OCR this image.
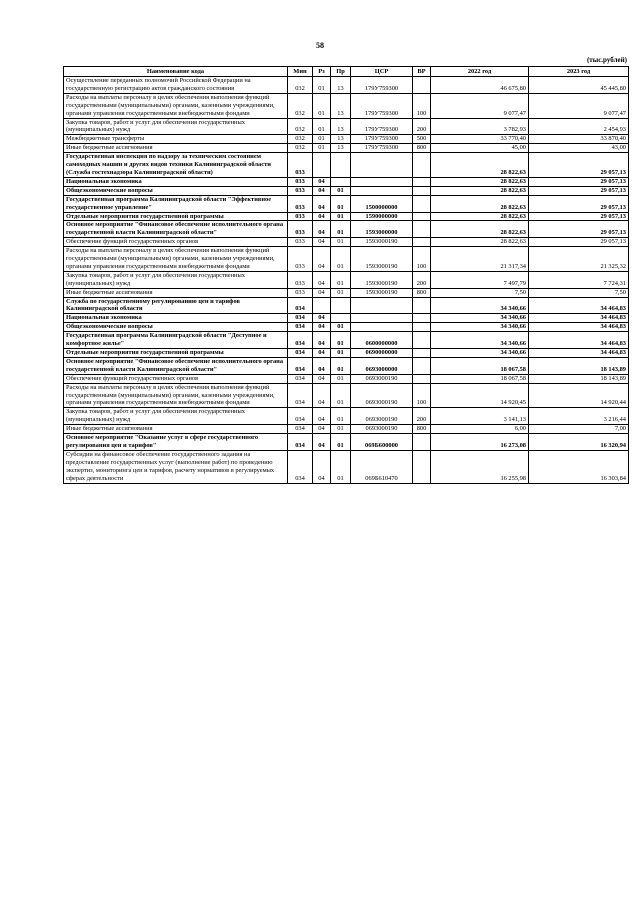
58
(тыс.рублей)
Наименование кода	Мин	Рз	Пр	ЦСР	ВР	2022 год	2023 год
Осуществление переданных полномочий Российской Федерации на государственную регистрацию актов гражданского состояния	032	01	13	179У759300		46 675,80	45 445,80
Расходы на выплаты персоналу в целях обеспечения выполнения функций государственными (муниципальными) органами, казенными учреждениями, органами управления государственными внебюджетными фондами	032	01	13	179У759300	100	9 077,47	9 077,47
Закупка товаров, работ и услуг для обеспечения государственных (муниципальных) нужд	032	01	13	179У759300	200	3 782,93	2 454,93
Межбюджетные трансферты	032	01	13	179У759300	500	33 770,40	33 870,40
Иные бюджетные ассигнования	032	01	13	179У759300	800	45,00	43,00
Государственная инспекция по надзору за техническим состоянием самоходных машин и других видов техники Калининградской области (Служба гостехнадзора Калининградской области)	033					28 822,63	29 057,13
Национальная экономика	033	04				28 822,63	29 057,13
Общеэкономические вопросы	033	04	01			28 822,63	29 057,13
Государственная программа Калининградской области "Эффективное государственное управление"	033	04	01	1500000000		28 822,63	29 057,13
Отдельные мероприятия государственной программы	033	04	01	1590000000		28 822,63	29 057,13
Основное мероприятие "Финансовое обеспечение исполнительного органа государственной власти Калининградской области"	033	04	01	1593000000		28 822,63	29 057,13
Обеспечение функций государственных органов	033	04	01	1593000190		28 822,63	29 057,13
Расходы на выплаты персоналу в целях обеспечения выполнения функций государственными (муниципальными) органами, казенными учреждениями, органами управления государственными внебюджетными фондами	033	04	01	1593000190	100	21 317,34	21 325,32
Закупка товаров, работ и услуг для обеспечения государственных (муниципальных) нужд	033	04	01	1593000190	200	7 497,79	7 724,31
Иные бюджетные ассигнования	033	04	01	1593000190	800	7,50	7,50
Служба по государственному регулированию цен и тарифов Калининградской области	034					34 340,66	34 464,83
Национальная экономика	034	04				34 340,66	34 464,83
Общеэкономические вопросы	034	04	01			34 340,66	34 464,83
Государственная программа Калининградской области "Доступное и комфортное жилье"	034	04	01	0600000000		34 340,66	34 464,83
Отдельные мероприятия государственной программы	034	04	01	0690000000		34 340,66	34 464,83
Основное мероприятие "Финансовое обеспечение исполнительного органа государственной власти Калининградской области"	034	04	01	0693000000		18 067,58	18 143,89
Обеспечение функций государственных органов	034	04	01	0693000190		18 067,58	18 143,89
Расходы на выплаты персоналу в целях обеспечения выполнения функций государственными (муниципальными) органами, казенными учреждениями, органами управления государственными внебюджетными фондами	034	04	01	0693000190	100	14 920,45	14 920,44
Закупка товаров, работ и услуг для обеспечения государственных (муниципальных) нужд	034	04	01	0693000190	200	3 141,13	3 216,44
Иные бюджетные ассигнования	034	04	01	0693000190	800	6,00	7,00
Основное мероприятие "Оказание услуг в сфере государственного регулирования цен и тарифов"	034	04	01	069Б600000		16 273,08	16 320,94
Субсидии на финансовое обеспечение государственного задания на предоставление государственных услуг (выполнение работ) по проведению экспертиз, мониторинга цен и тарифов, расчету нормативов в регулируемых сферах деятельности	034	04	01	069Б610470		16 255,98	16 303,84
